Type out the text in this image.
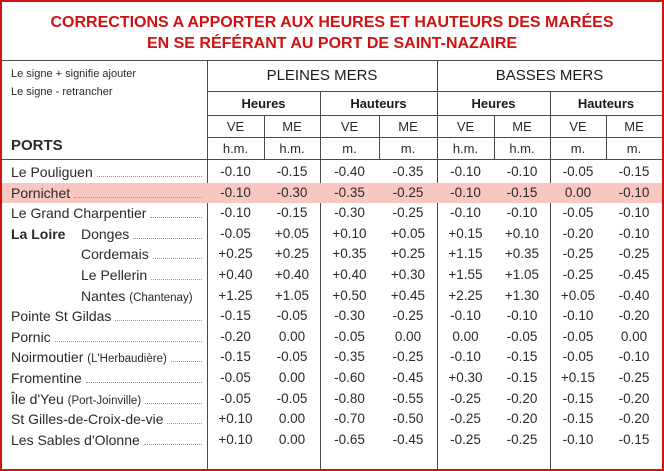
CORRECTIONS A APPORTER AUX HEURES ET HAUTEURS DES MARÉES
EN SE RÉFÉRANT AU PORT DE SAINT-NAZAIRE
Le signe + signifie ajouter
Le signe - retrancher
PORTS
PLEINES MERS	BASSES MERS
Heures	Hauteurs	Heures	Hauteurs
VE	ME	VE	ME	VE	ME	VE	ME
h.m.	h.m.	m.	m.	h.m.	h.m.	m.	m.
Le Pouliguen	-0.10	-0.15	-0.40	-0.35	-0.10	-0.10	-0.05	-0.15
Pornichet	-0.10	-0.30	-0.35	-0.25	-0.10	-0.15	0.00	-0.10
Le Grand Charpentier	-0.10	-0.15	-0.30	-0.25	-0.10	-0.10	-0.05	-0.10
La Loire Donges	-0.05	+0.05	+0.10	+0.05	+0.15	+0.10	-0.20	-0.10
Cordemais	+0.25	+0.25	+0.35	+0.25	+1.15	+0.35	-0.25	-0.25
Le Pellerin	+0.40	+0.40	+0.40	+0.30	+1.55	+1.05	-0.25	-0.45
Nantes (Chantenay)	+1.25	+1.05	+0.50	+0.45	+2.25	+1.30	+0.05	-0.40
Pointe St Gildas	-0.15	-0.05	-0.30	-0.25	-0.10	-0.10	-0.10	-0.20
Pornic	-0.20	0.00	-0.05	0.00	0.00	-0.05	-0.05	0.00
Noirmoutier (L'Herbaudière)	-0.15	-0.05	-0.35	-0.25	-0.10	-0.15	-0.05	-0.10
Fromentine	-0.05	0.00	-0.60	-0.45	+0.30	-0.15	+0.15	-0.25
Île d'Yeu (Port-Joinville)	-0.05	-0.05	-0.80	-0.55	-0.25	-0.20	-0.15	-0.20
St Gilles-de-Croix-de-vie	+0.10	0.00	-0.70	-0.50	-0.25	-0.20	-0.15	-0.20
Les Sables d'Olonne	+0.10	0.00	-0.65	-0.45	-0.25	-0.25	-0.10	-0.15
